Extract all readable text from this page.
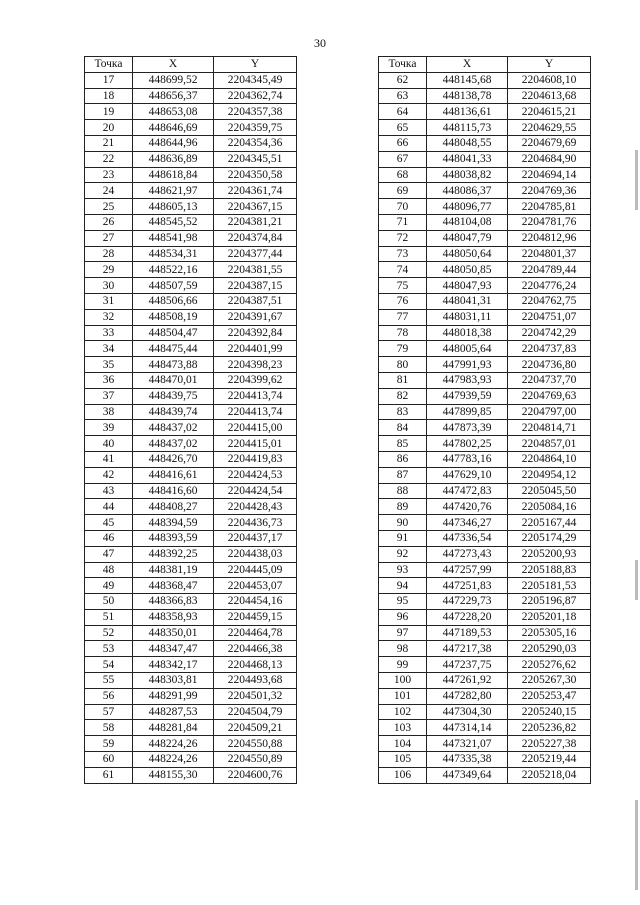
30
Точка	X	Y
17	448699,52	2204345,49
18	448656,37	2204362,74
19	448653,08	2204357,38
20	448646,69	2204359,75
21	448644,96	2204354,36
22	448636,89	2204345,51
23	448618,84	2204350,58
24	448621,97	2204361,74
25	448605,13	2204367,15
26	448545,52	2204381,21
27	448541,98	2204374,84
28	448534,31	2204377,44
29	448522,16	2204381,55
30	448507,59	2204387,15
31	448506,66	2204387,51
32	448508,19	2204391,67
33	448504,47	2204392,84
34	448475,44	2204401,99
35	448473,88	2204398,23
36	448470,01	2204399,62
37	448439,75	2204413,74
38	448439,74	2204413,74
39	448437,02	2204415,00
40	448437,02	2204415,01
41	448426,70	2204419,83
42	448416,61	2204424,53
43	448416,60	2204424,54
44	448408,27	2204428,43
45	448394,59	2204436,73
46	448393,59	2204437,17
47	448392,25	2204438,03
48	448381,19	2204445,09
49	448368,47	2204453,07
50	448366,83	2204454,16
51	448358,93	2204459,15
52	448350,01	2204464,78
53	448347,47	2204466,38
54	448342,17	2204468,13
55	448303,81	2204493,68
56	448291,99	2204501,32
57	448287,53	2204504,79
58	448281,84	2204509,21
59	448224,26	2204550,88
60	448224,26	2204550,89
61	448155,30	2204600,76
Точка	X	Y
62	448145,68	2204608,10
63	448138,78	2204613,68
64	448136,61	2204615,21
65	448115,73	2204629,55
66	448048,55	2204679,69
67	448041,33	2204684,90
68	448038,82	2204694,14
69	448086,37	2204769,36
70	448096,77	2204785,81
71	448104,08	2204781,76
72	448047,79	2204812,96
73	448050,64	2204801,37
74	448050,85	2204789,44
75	448047,93	2204776,24
76	448041,31	2204762,75
77	448031,11	2204751,07
78	448018,38	2204742,29
79	448005,64	2204737,83
80	447991,93	2204736,80
81	447983,93	2204737,70
82	447939,59	2204769,63
83	447899,85	2204797,00
84	447873,39	2204814,71
85	447802,25	2204857,01
86	447783,16	2204864,10
87	447629,10	2204954,12
88	447472,83	2205045,50
89	447420,76	2205084,16
90	447346,27	2205167,44
91	447336,54	2205174,29
92	447273,43	2205200,93
93	447257,99	2205188,83
94	447251,83	2205181,53
95	447229,73	2205196,87
96	447228,20	2205201,18
97	447189,53	2205305,16
98	447217,38	2205290,03
99	447237,75	2205276,62
100	447261,92	2205267,30
101	447282,80	2205253,47
102	447304,30	2205240,15
103	447314,14	2205236,82
104	447321,07	2205227,38
105	447335,38	2205219,44
106	447349,64	2205218,04
